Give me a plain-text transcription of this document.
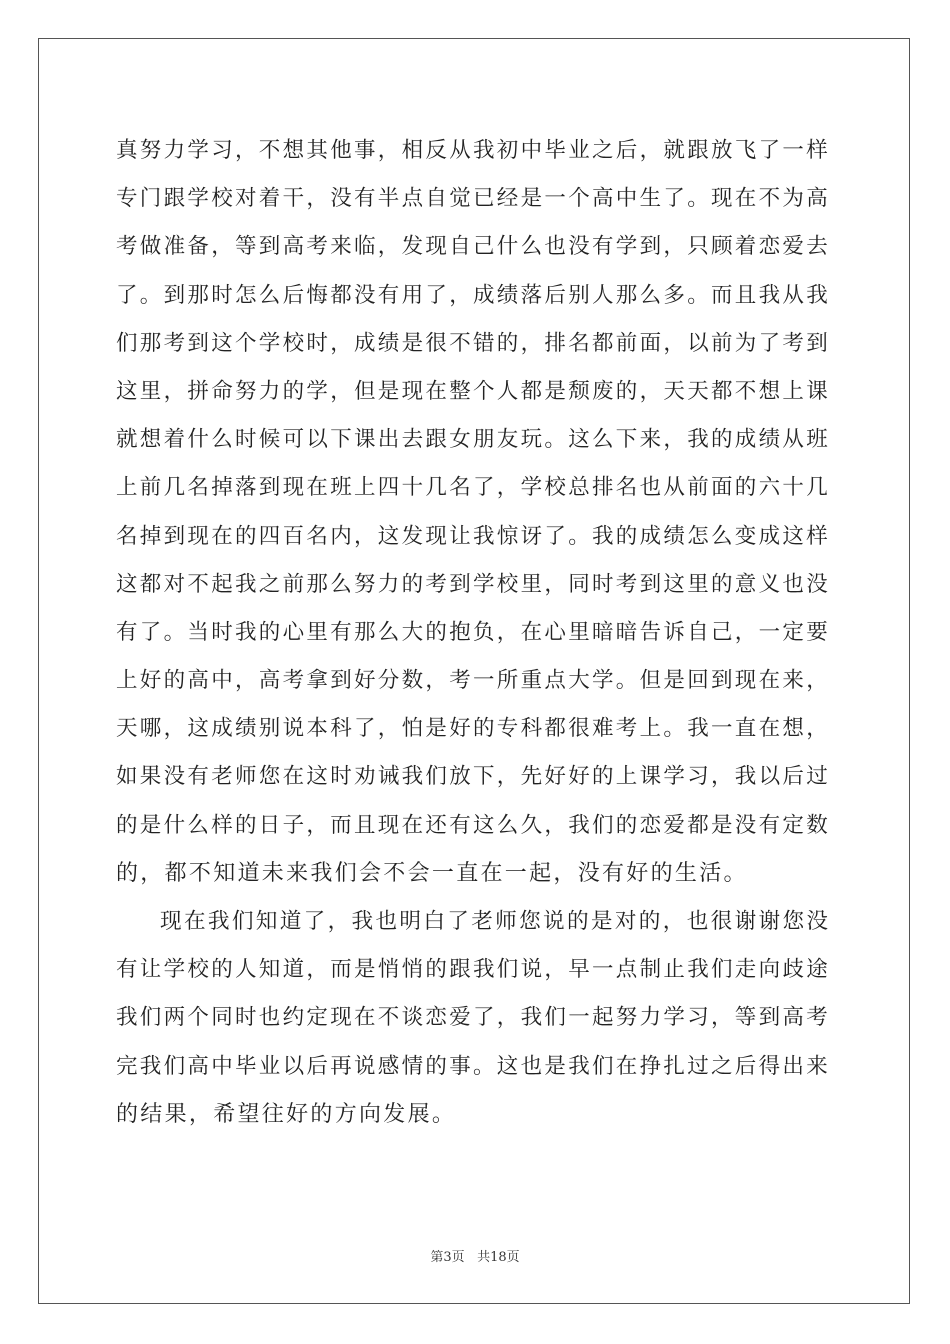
真努力学习，不想其他事，相反从我初中毕业之后，就跟放飞了一样
专门跟学校对着干，没有半点自觉已经是一个高中生了。现在不为高
考做准备，等到高考来临，发现自己什么也没有学到，只顾着恋爱去
了。到那时怎么后悔都没有用了，成绩落后别人那么多。而且我从我
们那考到这个学校时，成绩是很不错的，排名都前面，以前为了考到
这里，拼命努力的学，但是现在整个人都是颓废的，天天都不想上课
就想着什么时候可以下课出去跟女朋友玩。这么下来，我的成绩从班
上前几名掉落到现在班上四十几名了，学校总排名也从前面的六十几
名掉到现在的四百名内，这发现让我惊讶了。我的成绩怎么变成这样
这都对不起我之前那么努力的考到学校里，同时考到这里的意义也没
有了。当时我的心里有那么大的抱负，在心里暗暗告诉自己，一定要
上好的高中，高考拿到好分数，考一所重点大学。但是回到现在来，
天哪，这成绩别说本科了，怕是好的专科都很难考上。我一直在想，
如果没有老师您在这时劝诫我们放下，先好好的上课学习，我以后过
的是什么样的日子，而且现在还有这么久，我们的恋爱都是没有定数
的，都不知道未来我们会不会一直在一起，没有好的生活。
现在我们知道了，我也明白了老师您说的是对的，也很谢谢您没
有让学校的人知道，而是悄悄的跟我们说，早一点制止我们走向歧途
我们两个同时也约定现在不谈恋爱了，我们一起努力学习，等到高考
完我们高中毕业以后再说感情的事。这也是我们在挣扎过之后得出来
的结果，希望往好的方向发展。
第3页 共18页
